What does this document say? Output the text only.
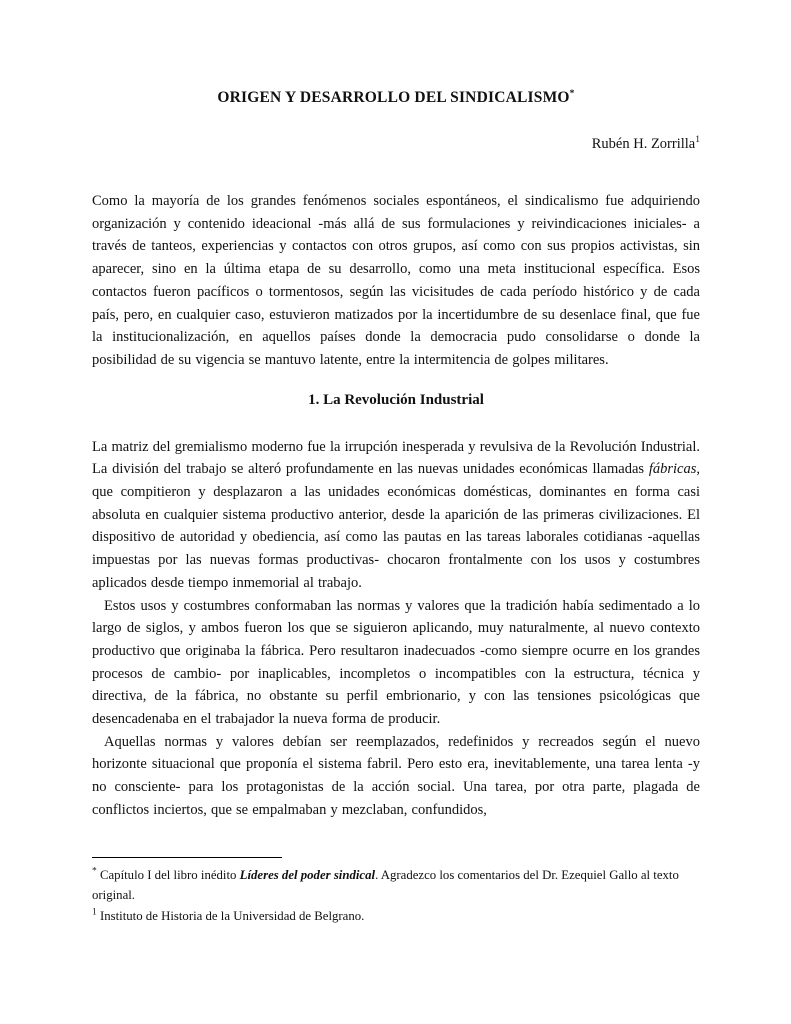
ORIGEN Y DESARROLLO DEL SINDICALISMO*
Rubén H. Zorrilla$^1$

Como la mayoría de los grandes fenómenos sociales espontáneos, el sindicalismo fue adquiriendo organización y contenido ideacional -más allá de sus formulaciones y reivindicaciones iniciales- a través de tanteos, experiencias y contactos con otros grupos, así como con sus propios activistas, sin aparecer, sino en la última etapa de su desarrollo, como una meta institucional específica. Esos contactos fueron pacíficos o tormentosos, según las vicisitudes de cada período histórico y de cada país, pero, en cualquier caso, estuvieron matizados por la incertidumbre de su desenlace final, que fue la institucionalización, en aquellos países donde la democracia pudo consolidarse o donde la posibilidad de su vigencia se mantuvo latente, entre la intermitencia de golpes militares.

1. La Revolución Industrial

La matriz del gremialismo moderno fue la irrupción inesperada y revulsiva de la Revolución Industrial. La división del trabajo se alteró profundamente en las nuevas unidades económicas llamadas fábricas, que compitieron y desplazaron a las unidades económicas domésticas, dominantes en forma casi absoluta en cualquier sistema productivo anterior, desde la aparición de las primeras civilizaciones. El dispositivo de autoridad y obediencia, así como las pautas en las tareas laborales cotidianas -aquellas impuestas por las nuevas formas productivas- chocaron frontalmente con los usos y costumbres aplicados desde tiempo inmemorial al trabajo.

Estos usos y costumbres conformaban las normas y valores que la tradición había sedimentado a lo largo de siglos, y ambos fueron los que se siguieron aplicando, muy naturalmente, al nuevo contexto productivo que originaba la fábrica. Pero resultaron inadecuados -como siempre ocurre en los grandes procesos de cambio- por inaplicables, incompletos o incompatibles con la estructura, técnica y directiva, de la fábrica, no obstante su perfil embrionario, y con las tensiones psicológicas que desencadenaba en el trabajador la nueva forma de producir.

Aquellas normas y valores debían ser reemplazados, redefinidos y recreados según el nuevo horizonte situacional que proponía el sistema fabril. Pero esto era, inevitablemente, una tarea lenta -y no consciente- para los protagonistas de la acción social. Una tarea, por otra parte, plagada de conflictos inciertos, que se empalmaban y mezclaban, confundidos,

* Capítulo I del libro inédito Líderes del poder sindical. Agradezco los comentarios del Dr. Ezequiel Gallo al texto original.

$^1$ Instituto de Historia de la Universidad de Belgrano.
